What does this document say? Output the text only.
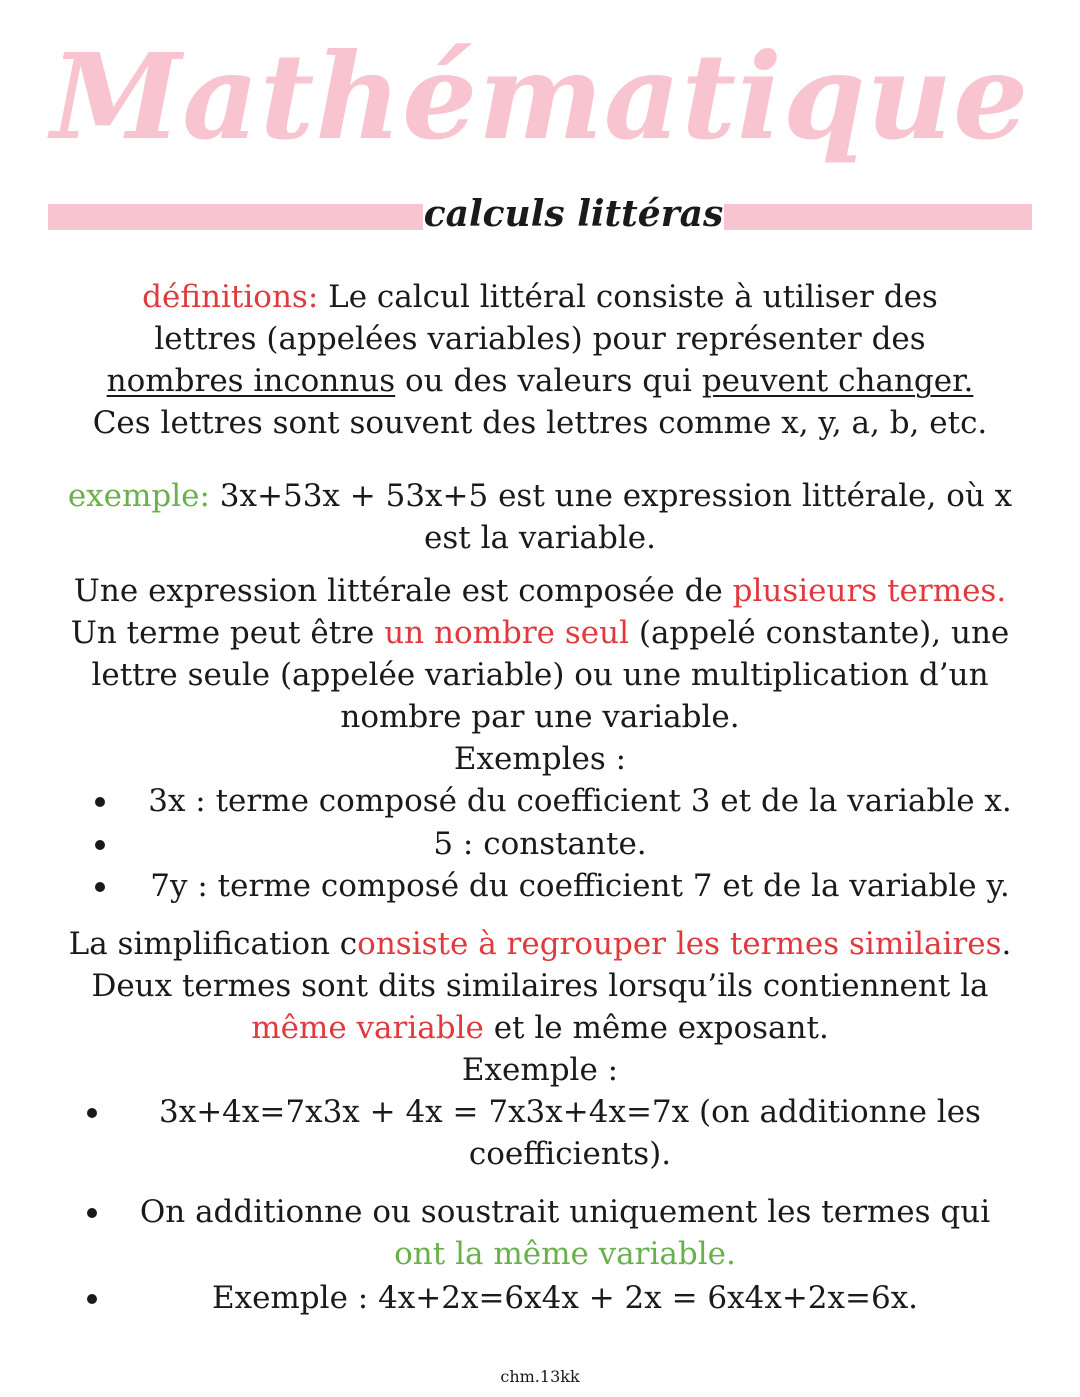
Mathématique
calculs littéras
définitions: Le calcul littéral consiste à utiliser des
lettres (appelées variables) pour représenter des
nombres inconnus ou des valeurs qui peuvent changer.
Ces lettres sont souvent des lettres comme x, y, a, b, etc.
exemple: 3x+53x + 53x+5 est une expression littérale, où x
est la variable.
Une expression littérale est composée de plusieurs termes.
Un terme peut être un nombre seul (appelé constante), une
lettre seule (appelée variable) ou une multiplication d’un
nombre par une variable.
Exemples :
3x : terme composé du coefficient 3 et de la variable x.
5 : constante.
7y : terme composé du coefficient 7 et de la variable y.
La simplification consiste à regrouper les termes similaires.
Deux termes sont dits similaires lorsqu’ils contiennent la
même variable et le même exposant.
Exemple :
3x+4x=7x3x + 4x = 7x3x+4x=7x (on additionne les
coefficients).
On additionne ou soustrait uniquement les termes qui
ont la même variable.
Exemple : 4x+2x=6x4x + 2x = 6x4x+2x=6x.
chm.13kk
